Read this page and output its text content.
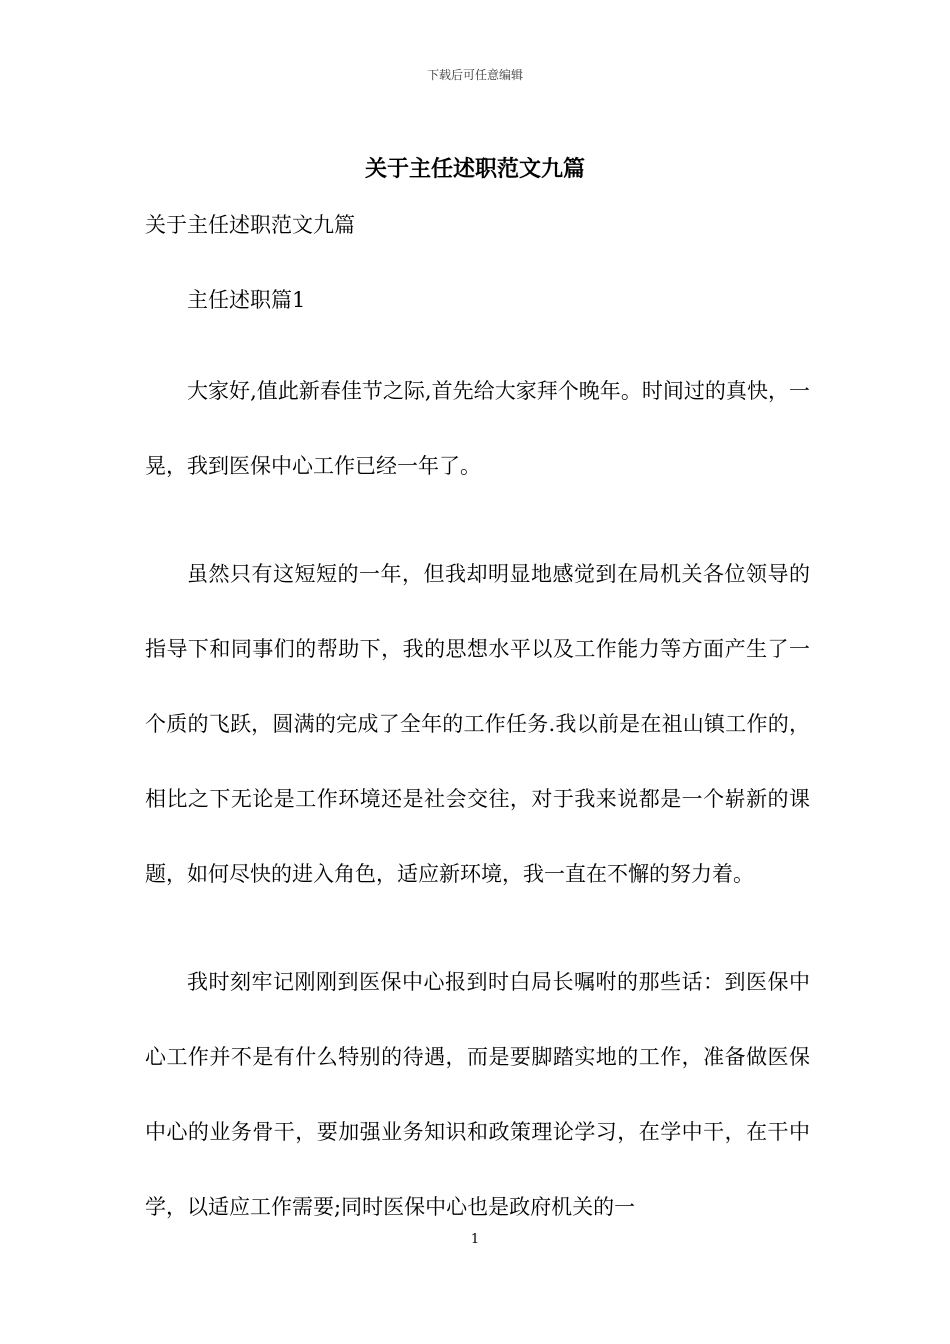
下载后可任意编辑
关于主任述职范文九篇

关于主任述职范文九篇

主任述职篇1

大家好,值此新春佳节之际,首先给大家拜个晚年。时间过的真快，一晃，我到医保中心工作已经一年了。

虽然只有这短短的一年，但我却明显地感觉到在局机关各位领导的指导下和同事们的帮助下，我的思想水平以及工作能力等方面产生了一个质的飞跃，圆满的完成了全年的工作任务.我以前是在祖山镇工作的，相比之下无论是工作环境还是社会交往，对于我来说都是一个崭新的课题，如何尽快的进入角色，适应新环境，我一直在不懈的努力着。

我时刻牢记刚刚到医保中心报到时白局长嘱咐的那些话：到医保中心工作并不是有什么特别的待遇，而是要脚踏实地的工作，准备做医保中心的业务骨干，要加强业务知识和政策理论学习，在学中干，在干中学，以适应工作需要;同时医保中心也是政府机关的一

1
